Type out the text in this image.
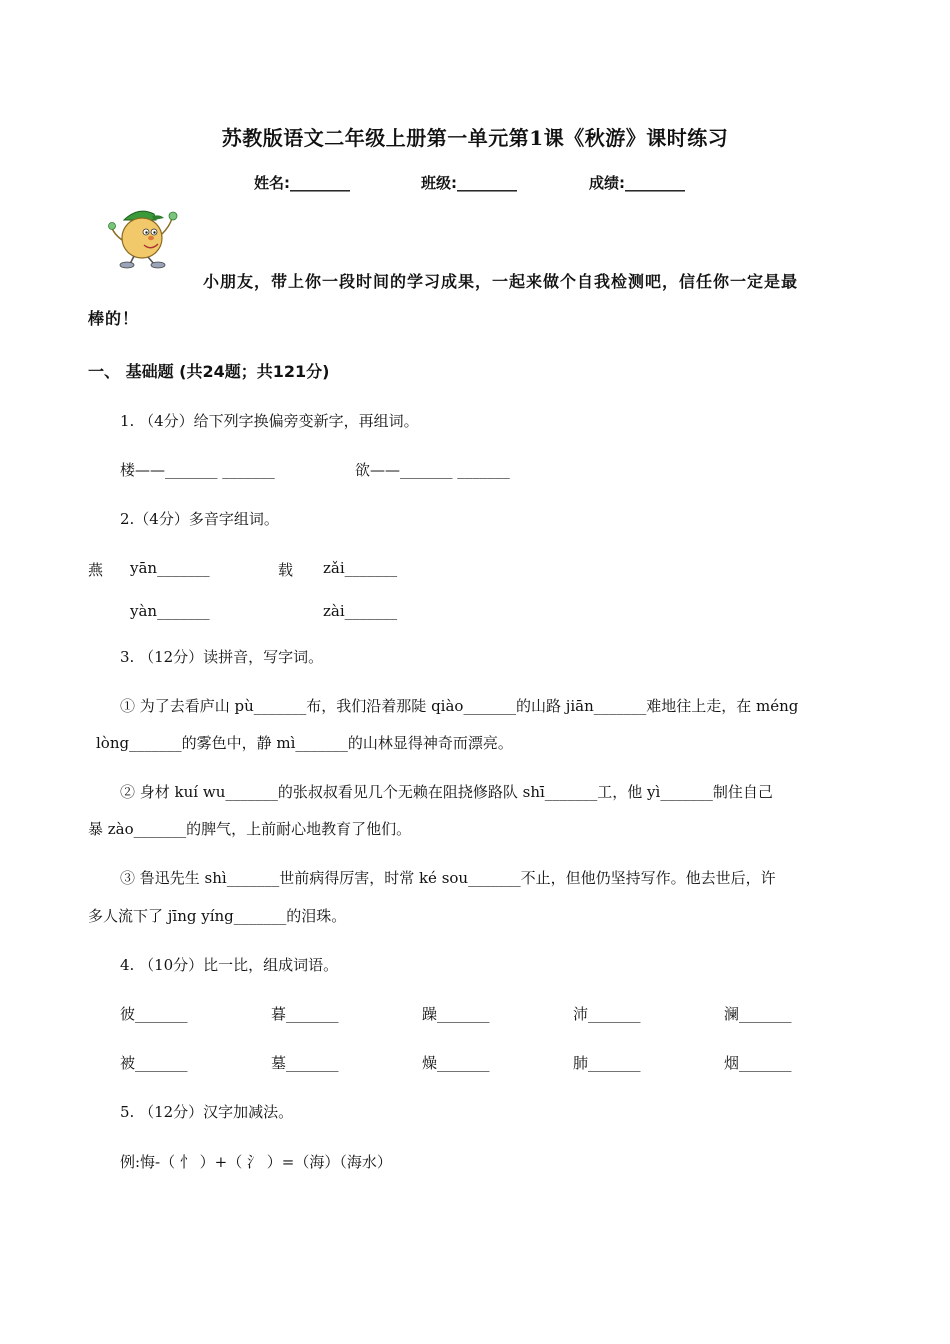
苏教版语文二年级上册第一单元第1课《秋游》课时练习
姓名:________	班级:________	成绩:________
小朋友，带上你一段时间的学习成果，一起来做个自我检测吧，信任你一定是最
棒的！
一、 基础题 (共24题；共121分)
1. （4分）给下列字换偏旁变新字，再组词。
楼——_______ _______	欲——_______ _______
2.（4分）多音字组词。
燕 yān_______	载 zǎi_______
yàn_______	zài_______
3. （12分）读拼音，写字词。
① 为了去看庐山 pù_______布，我们沿着那陡 qiào_______的山路 jiān_______难地往上走，在 méng
lòng_______的雾色中，静 mì_______的山林显得神奇而漂亮。
② 身材 kuí wu_______的张叔叔看见几个无赖在阻挠修路队 shī_______工，他 yì_______制住自己
暴 zào_______的脾气，上前耐心地教育了他们。
③ 鲁迅先生 shì_______世前病得厉害，时常 ké sou_______不止，但他仍坚持写作。他去世后，许
多人流下了 jīng yíng_______的泪珠。
4. （10分）比一比，组成词语。
彼_______	暮_______	躁_______	沛_______	澜_______
被_______	墓_______	燥_______	肺_______	烟_______
5. （12分）汉字加减法。
例:悔-（ 忄 ）+（ 氵 ）=（海）（海水）
